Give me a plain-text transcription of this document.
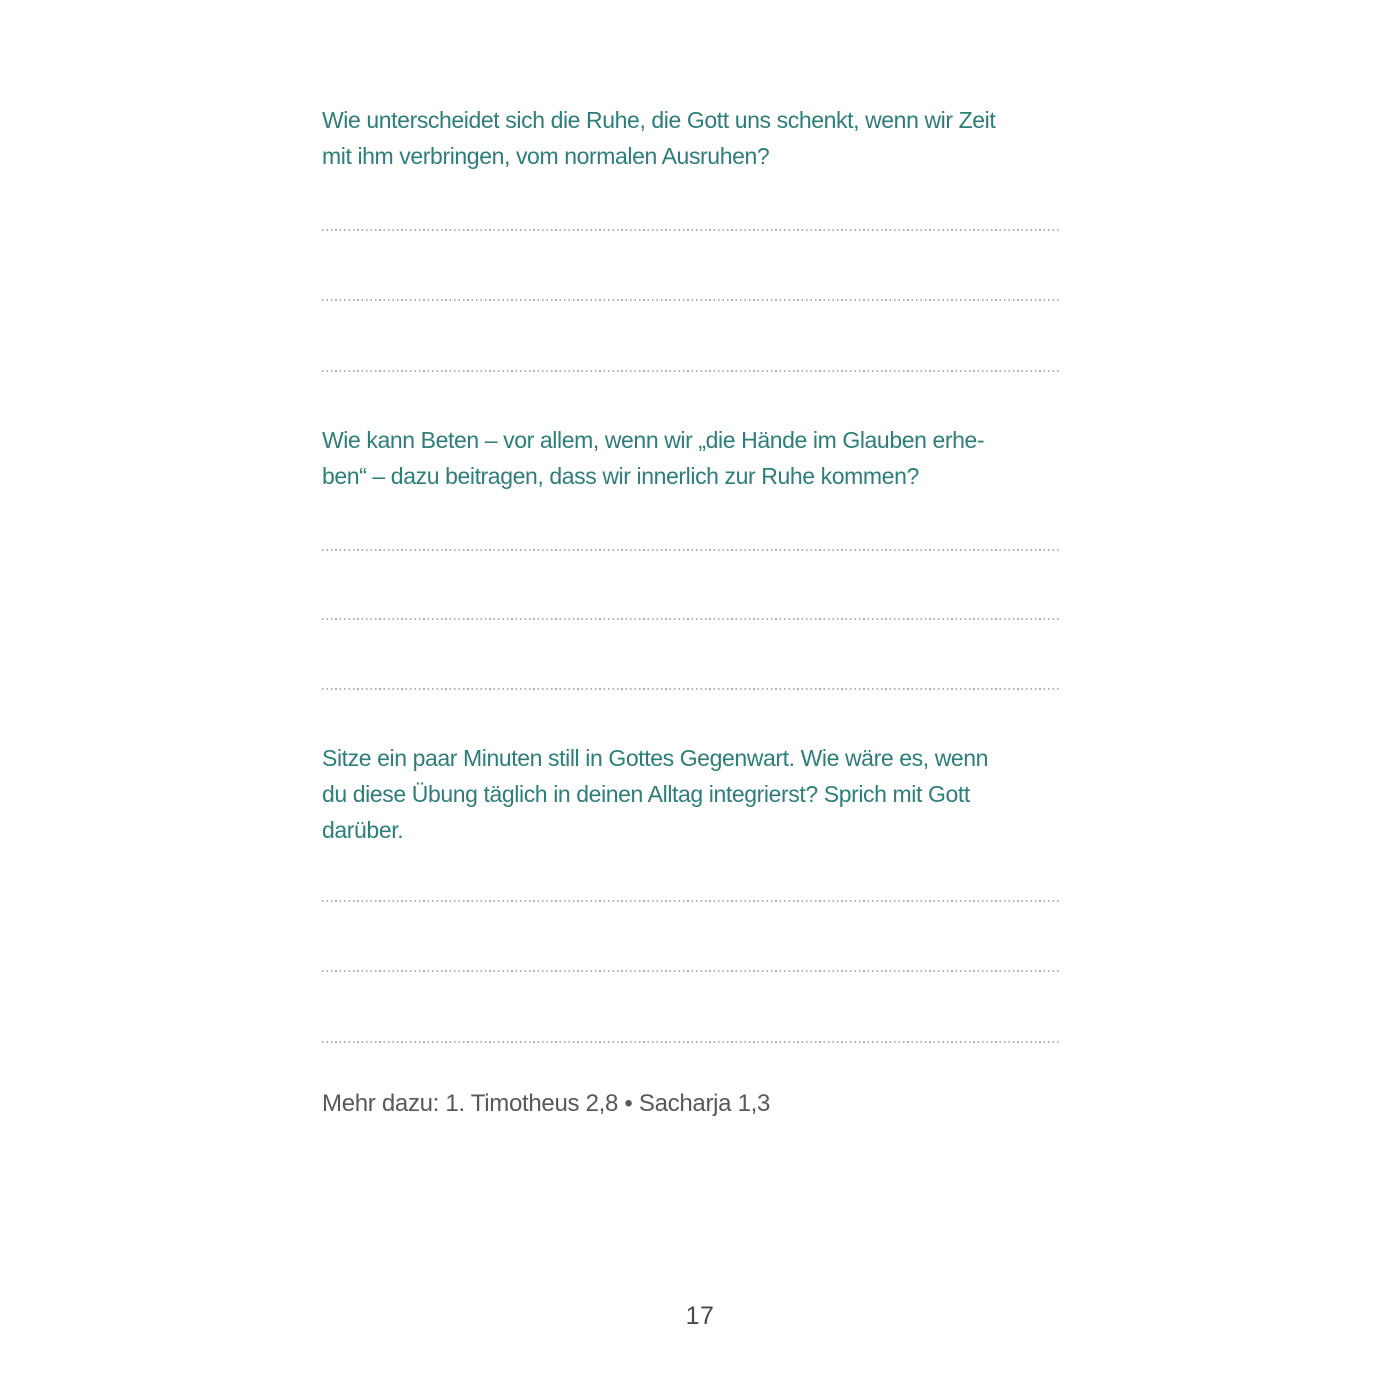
Wie unterscheidet sich die Ruhe, die Gott uns schenkt, wenn wir Zeit
mit ihm verbringen, vom normalen Ausruhen?
Wie kann Beten – vor allem, wenn wir „die Hände im Glauben erhe-
ben“ – dazu beitragen, dass wir innerlich zur Ruhe kommen?
Sitze ein paar Minuten still in Gottes Gegenwart. Wie wäre es, wenn
du diese Übung täglich in deinen Alltag integrierst? Sprich mit Gott
darüber.
Mehr dazu: 1. Timotheus 2,8 • Sacharja 1,3
17
